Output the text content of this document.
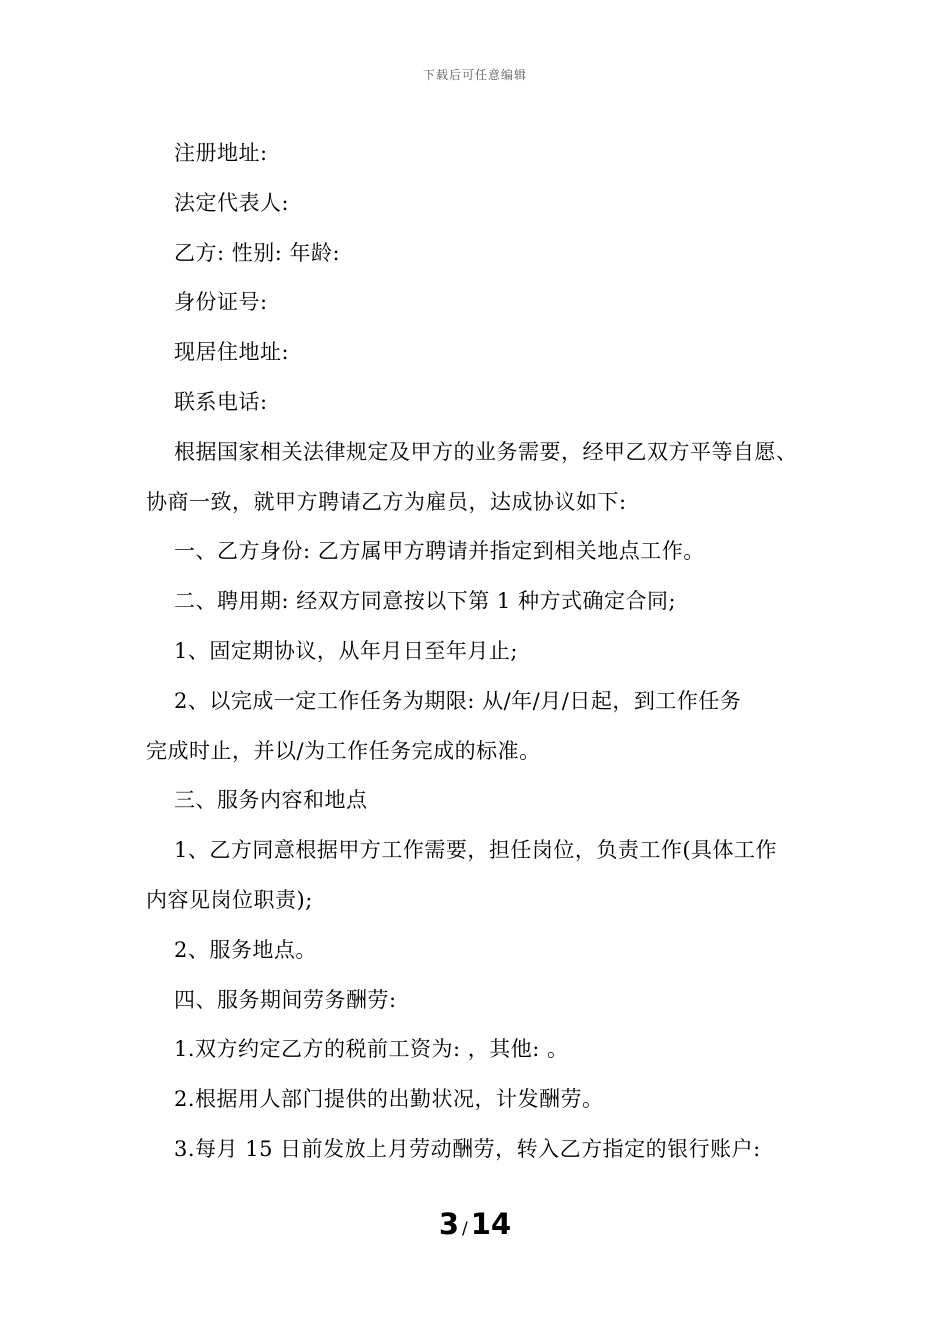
下载后可任意编辑
注册地址:
法定代表人:
乙方: 性别: 年龄:
身份证号:
现居住地址:
联系电话:
根据国家相关法律规定及甲方的业务需要，经甲乙双方平等自愿、
协商一致，就甲方聘请乙方为雇员，达成协议如下:
一、乙方身份: 乙方属甲方聘请并指定到相关地点工作。
二、聘用期: 经双方同意按以下第 1 种方式确定合同;
1、固定期协议，从年月日至年月止;
2、以完成一定工作任务为期限: 从/年/月/日起，到工作任务
完成时止，并以/为工作任务完成的标准。
三、服务内容和地点
1、乙方同意根据甲方工作需要，担任岗位，负责工作(具体工作
内容见岗位职责);
2、服务地点。
四、服务期间劳务酬劳:
1.双方约定乙方的税前工资为: ，其他: 。
2.根据用人部门提供的出勤状况，计发酬劳。
3.每月 15 日前发放上月劳动酬劳，转入乙方指定的银行账户:
3 / 14
